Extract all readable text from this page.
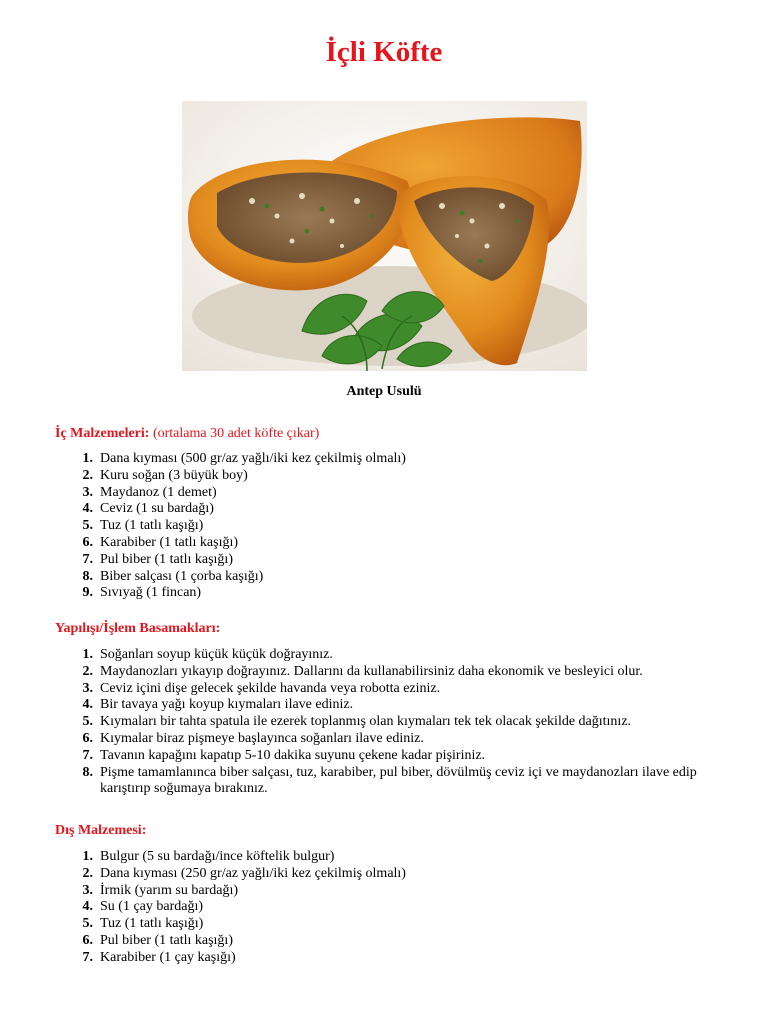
İçli Köfte
Antep Usulü
İç Malzemeleri: (ortalama 30 adet köfte çıkar)
1. Dana kıyması (500 gr/az yağlı/iki kez çekilmiş olmalı)
2. Kuru soğan (3 büyük boy)
3. Maydanoz (1 demet)
4. Ceviz (1 su bardağı)
5. Tuz (1 tatlı kaşığı)
6. Karabiber (1 tatlı kaşığı)
7. Pul biber (1 tatlı kaşığı)
8. Biber salçası (1 çorba kaşığı)
9. Sıvıyağ (1 fincan)
Yapılışı/İşlem Basamakları:
1. Soğanları soyup küçük küçük doğrayınız.
2. Maydanozları yıkayıp doğrayınız. Dallarını da kullanabilirsiniz daha ekonomik ve besleyici olur.
3. Ceviz içini dişe gelecek şekilde havanda veya robotta eziniz.
4. Bir tavaya yağı koyup kıymaları ilave ediniz.
5. Kıymaları bir tahta spatula ile ezerek toplanmış olan kıymaları tek tek olacak şekilde dağıtınız.
6. Kıymalar biraz pişmeye başlayınca soğanları ilave ediniz.
7. Tavanın kapağını kapatıp 5-10 dakika suyunu çekene kadar pişiriniz.
8. Pişme tamamlanınca biber salçası, tuz, karabiber, pul biber, dövülmüş ceviz içi ve maydanozları ilave edip karıştırıp soğumaya bırakınız.
Dış Malzemesi:
1. Bulgur (5 su bardağı/ince köftelik bulgur)
2. Dana kıyması (250 gr/az yağlı/iki kez çekilmiş olmalı)
3. İrmik (yarım su bardağı)
4. Su (1 çay bardağı)
5. Tuz (1 tatlı kaşığı)
6. Pul biber (1 tatlı kaşığı)
7. Karabiber (1 çay kaşığı)
